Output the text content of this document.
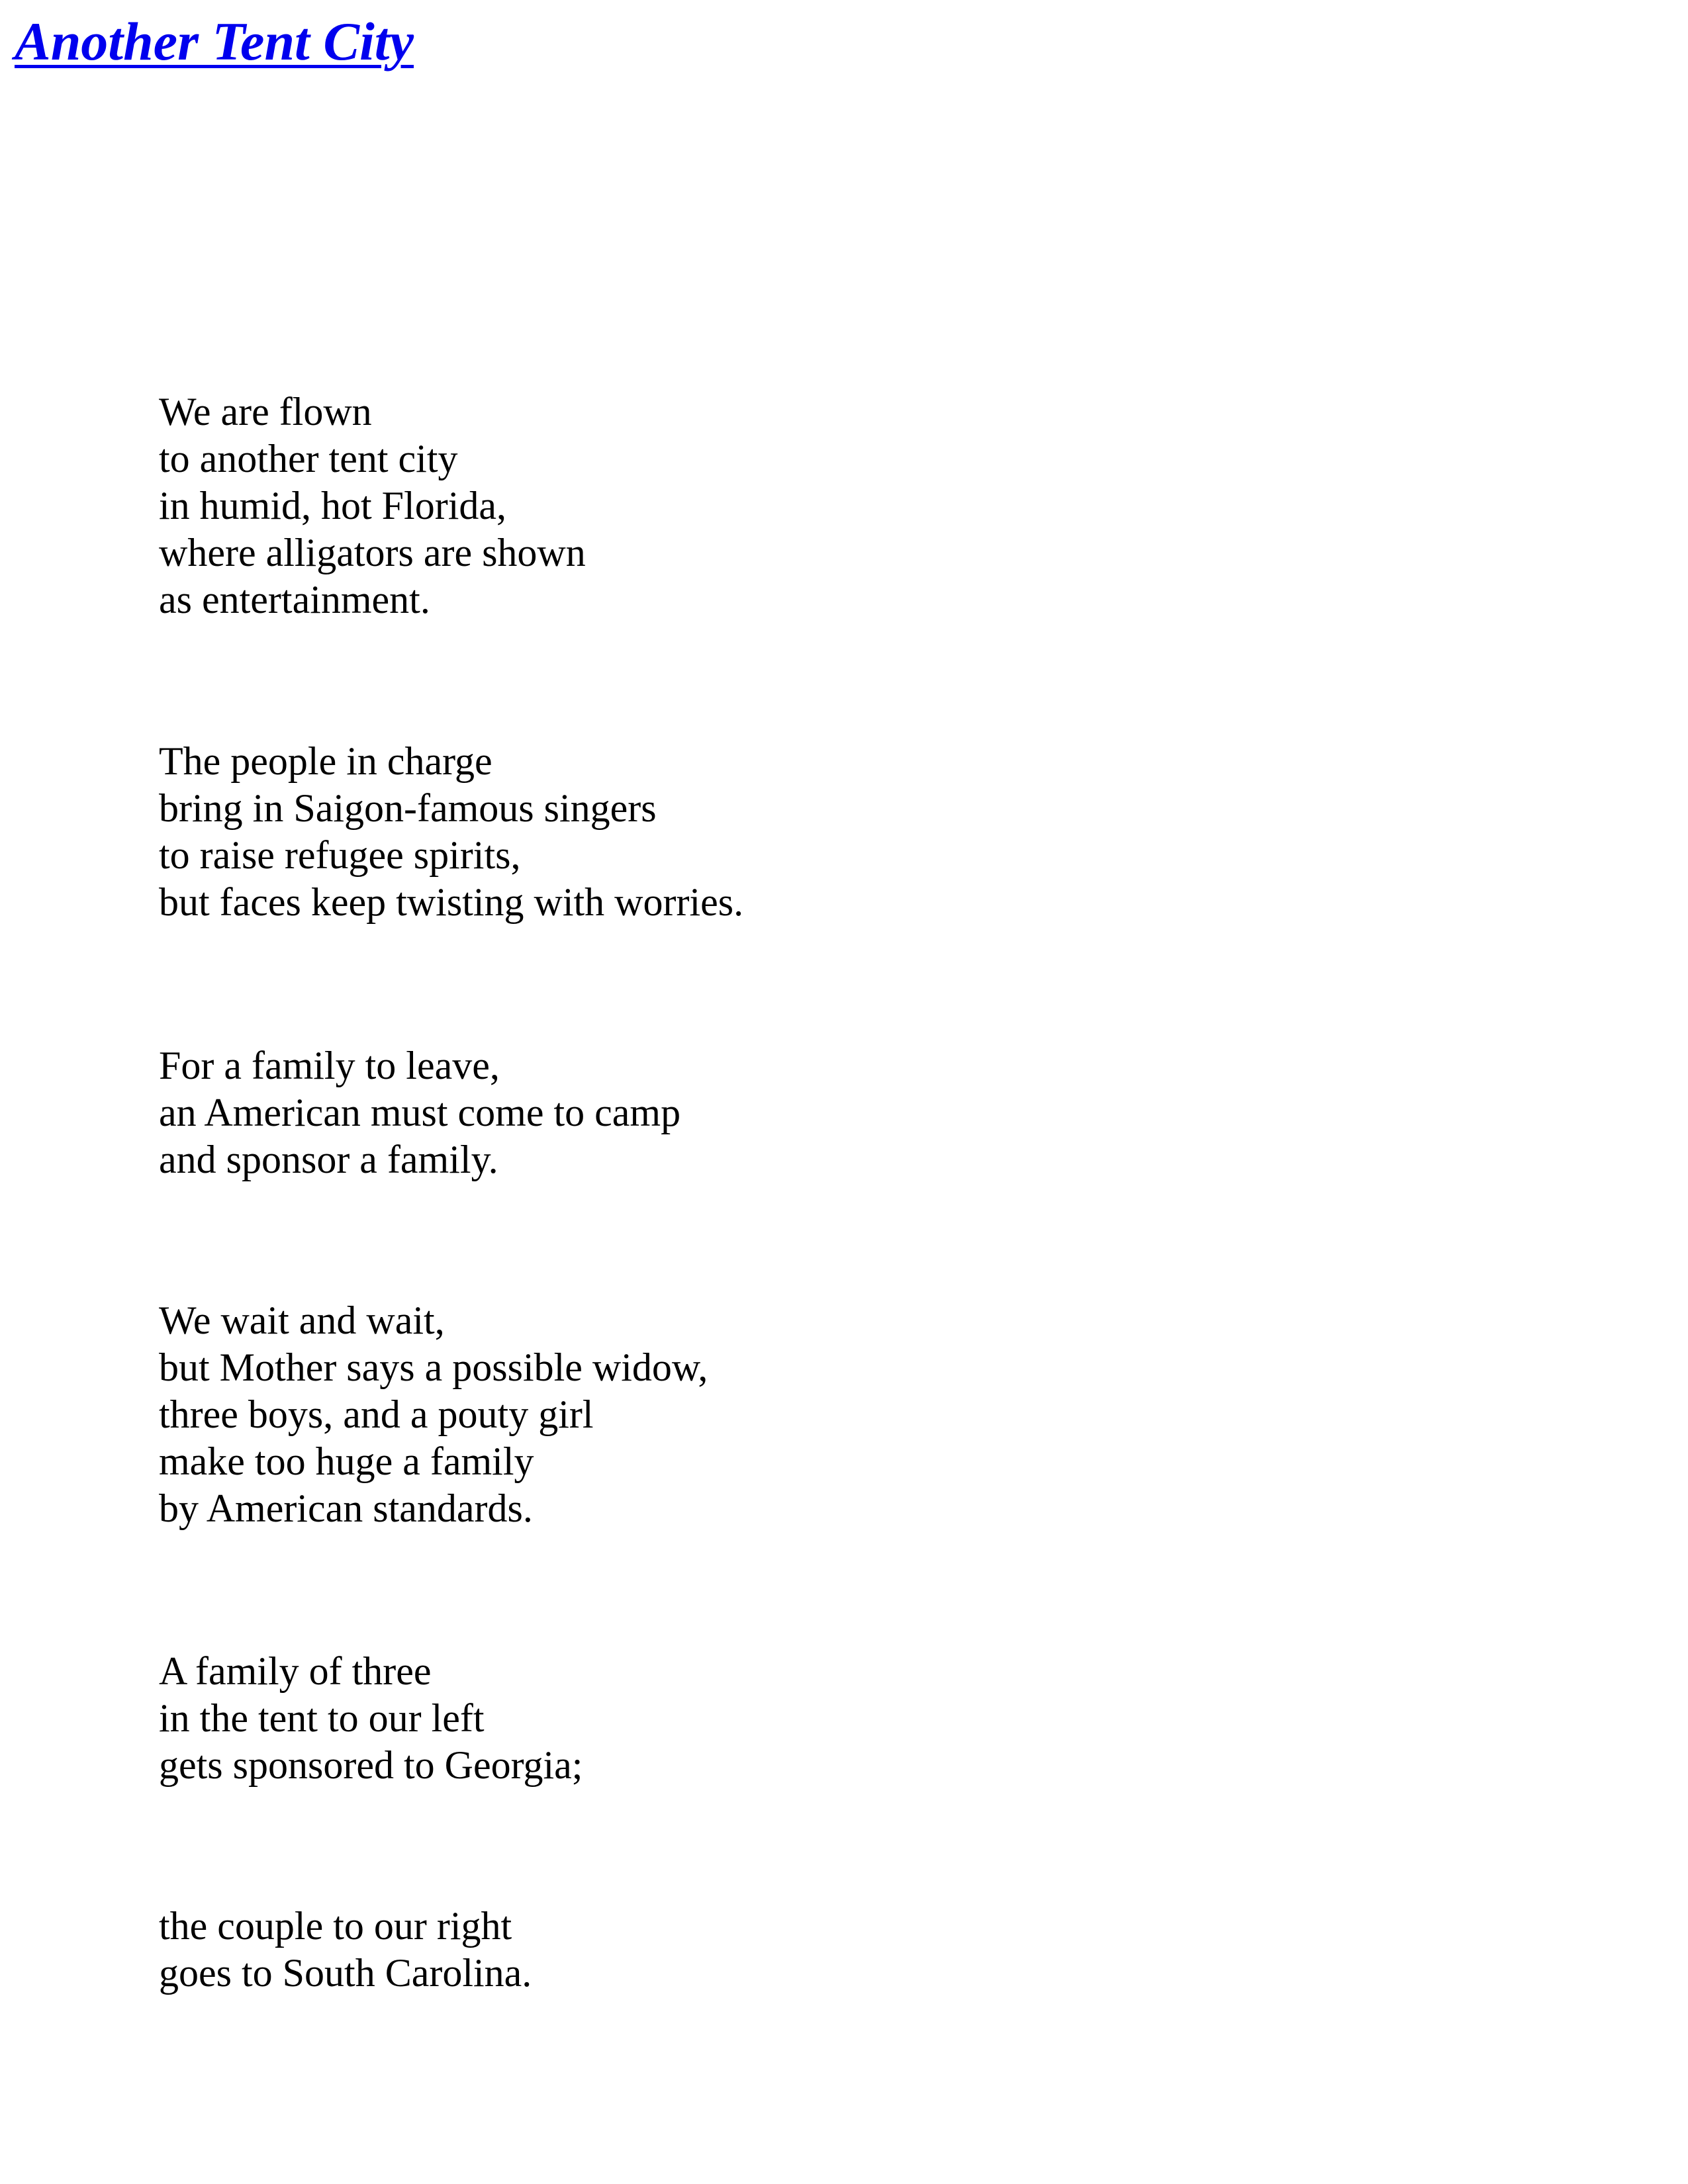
Another Tent City
We are flown
to another tent city
in humid, hot Florida,
where alligators are shown
as entertainment.
The people in charge
bring in Saigon-famous singers
to raise refugee spirits,
but faces keep twisting with worries.
For a family to leave,
an American must come to camp
and sponsor a family.
We wait and wait,
but Mother says a possible widow,
three boys, and a pouty girl
make too huge a family
by American standards.
A family of three
in the tent to our left
gets sponsored to Georgia;
the couple to our right
goes to South Carolina.
